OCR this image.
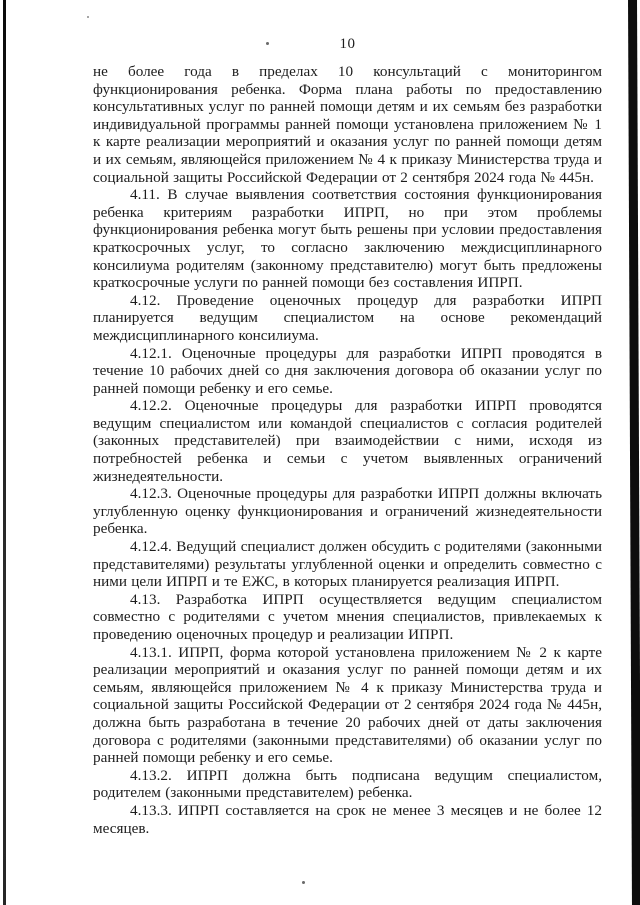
10

не более года в пределах 10 консультаций с мониторингом функционирования ребенка. Форма плана работы по предоставлению консультативных услуг по ранней помощи детям и их семьям без разработки индивидуальной программы ранней помощи установлена приложением № 1 к карте реализации мероприятий и оказания услуг по ранней помощи детям и их семьям, являющейся приложением № 4 к приказу Министерства труда и социальной защиты Российской Федерации от 2 сентября 2024 года № 445н.

4.11. В случае выявления соответствия состояния функционирования ребенка критериям разработки ИПРП, но при этом проблемы функционирования ребенка могут быть решены при условии предоставления краткосрочных услуг, то согласно заключению междисциплинарного консилиума родителям (законному представителю) могут быть предложены краткосрочные услуги по ранней помощи без составления ИПРП.

4.12. Проведение оценочных процедур для разработки ИПРП планируется ведущим специалистом на основе рекомендаций междисциплинарного консилиума.

4.12.1. Оценочные процедуры для разработки ИПРП проводятся в течение 10 рабочих дней со дня заключения договора об оказании услуг по ранней помощи ребенку и его семье.

4.12.2. Оценочные процедуры для разработки ИПРП проводятся ведущим специалистом или командой специалистов с согласия родителей (законных представителей) при взаимодействии с ними, исходя из потребностей ребенка и семьи с учетом выявленных ограничений жизнедеятельности.

4.12.3. Оценочные процедуры для разработки ИПРП должны включать углубленную оценку функционирования и ограничений жизнедеятельности ребенка.

4.12.4. Ведущий специалист должен обсудить с родителями (законными представителями) результаты углубленной оценки и определить совместно с ними цели ИПРП и те ЕЖС, в которых планируется реализация ИПРП.

4.13. Разработка ИПРП осуществляется ведущим специалистом совместно с родителями с учетом мнения специалистов, привлекаемых к проведению оценочных процедур и реализации ИПРП.

4.13.1. ИПРП, форма которой установлена приложением № 2 к карте реализации мероприятий и оказания услуг по ранней помощи детям и их семьям, являющейся приложением № 4 к приказу Министерства труда и социальной защиты Российской Федерации от 2 сентября 2024 года № 445н, должна быть разработана в течение 20 рабочих дней от даты заключения договора с родителями (законными представителями) об оказании услуг по ранней помощи ребенку и его семье.

4.13.2. ИПРП должна быть подписана ведущим специалистом, родителем (законными представителем) ребенка.

4.13.3. ИПРП составляется на срок не менее 3 месяцев и не более 12 месяцев.
